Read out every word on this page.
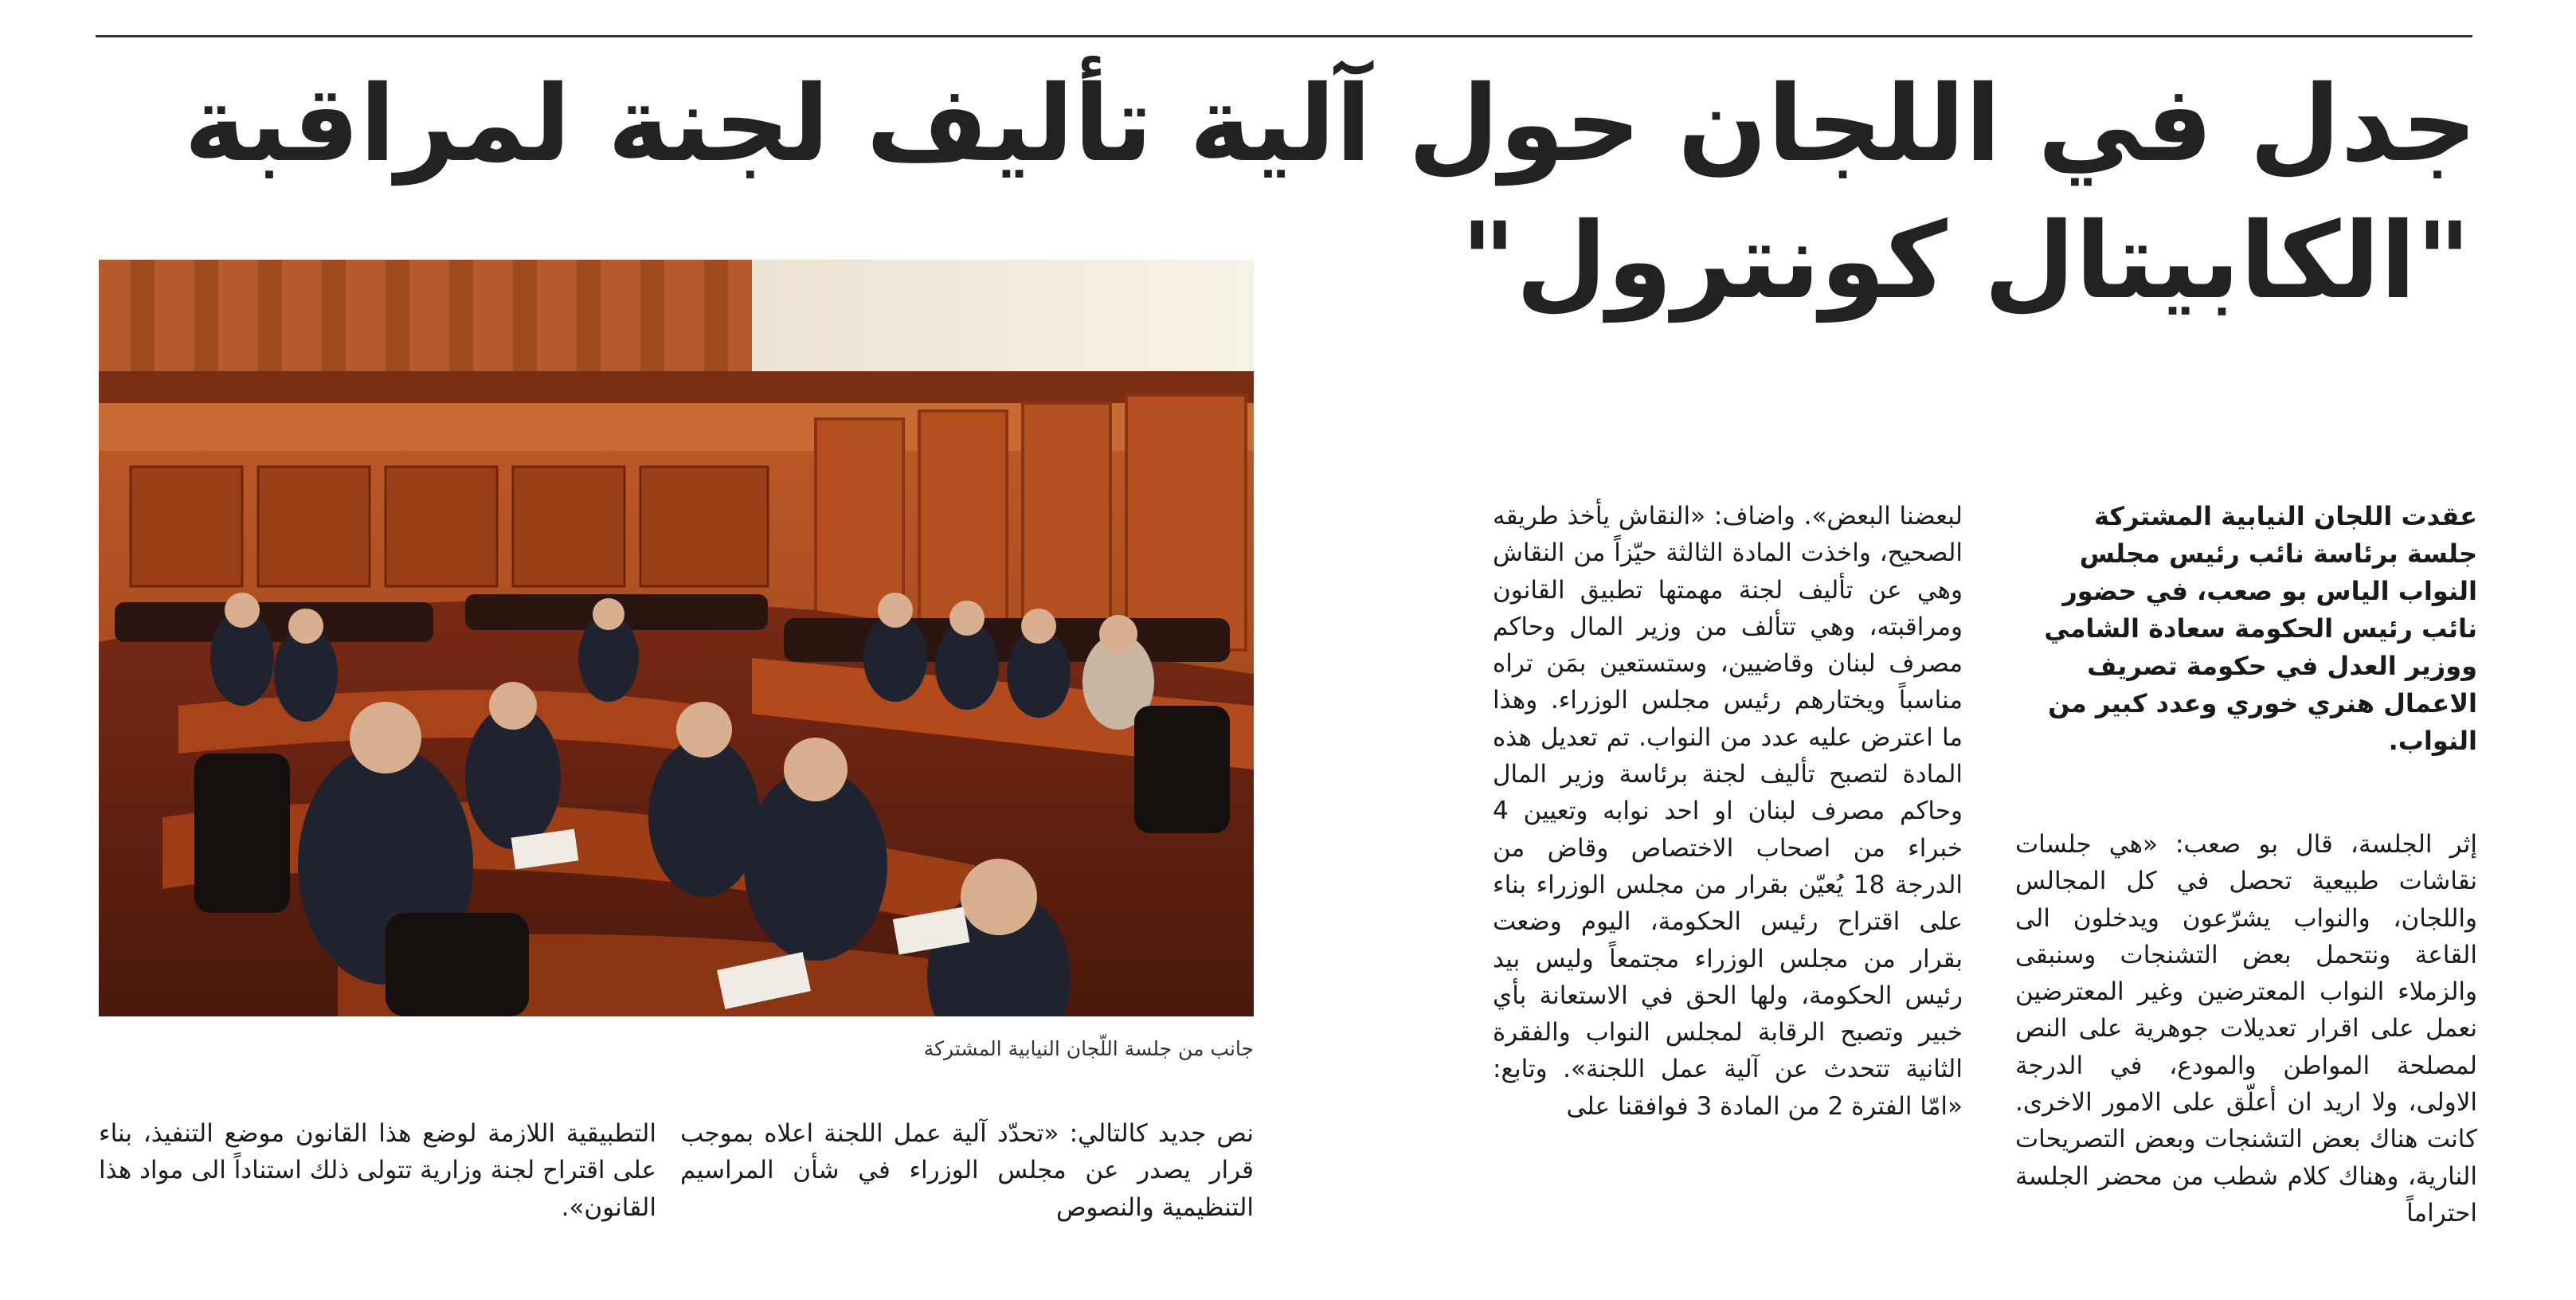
جدل في اللجان حول آلية تأليف لجنة لمراقبة
"الكابيتال كونترول"
جانب من جلسة اللّجان النيابية المشتركة

عقدت اللجان النيابية المشتركة جلسة برئاسة نائب رئيس مجلس النواب الياس بو صعب، في حضور نائب رئيس الحكومة سعادة الشامي ووزير العدل في حكومة تصريف الاعمال هنري خوري وعدد كبير من النواب.

إثر الجلسة، قال بو صعب: «هي جلسات نقاشات طبيعية تحصل في كل المجالس واللجان، والنواب يشرّعون ويدخلون الى القاعة ونتحمل بعض التشنجات وسنبقى والزملاء النواب المعترضين وغير المعترضين نعمل على اقرار تعديلات جوهرية على النص لمصلحة المواطن والمودع، في الدرجة الاولى، ولا اريد ان أعلّق على الامور الاخرى. كانت هناك بعض التشنجات وبعض التصريحات النارية، وهناك كلام شطب من محضر الجلسة احتراماً

لبعضنا البعض». واضاف: «النقاش يأخذ طريقه الصحيح، واخذت المادة الثالثة حيّزاً من النقاش وهي عن تأليف لجنة مهمتها تطبيق القانون ومراقبته، وهي تتألف من وزير المال وحاكم مصرف لبنان وقاضيين، وستستعين بمَن تراه مناسباً ويختارهم رئيس مجلس الوزراء. وهذا ما اعترض عليه عدد من النواب. تم تعديل هذه المادة لتصبح تأليف لجنة برئاسة وزير المال وحاكم مصرف لبنان او احد نوابه وتعيين 4 خبراء من اصحاب الاختصاص وقاض من الدرجة 18 يُعيّن بقرار من مجلس الوزراء بناء على اقتراح رئيس الحكومة، اليوم وضعت بقرار من مجلس الوزراء مجتمعاً وليس بيد رئيس الحكومة، ولها الحق في الاستعانة بأي خبير وتصبح الرقابة لمجلس النواب والفقرة الثانية تتحدث عن آلية عمل اللجنة». وتابع: «امّا الفترة 2 من المادة 3 فوافقنا على

نص جديد كالتالي: «تحدّد آلية عمل اللجنة اعلاه بموجب قرار يصدر عن مجلس الوزراء في شأن المراسيم التنظيمية والنصوص

التطبيقية اللازمة لوضع هذا القانون موضع التنفيذ، بناء على اقتراح لجنة وزارية تتولى ذلك استناداً الى مواد هذا القانون».
